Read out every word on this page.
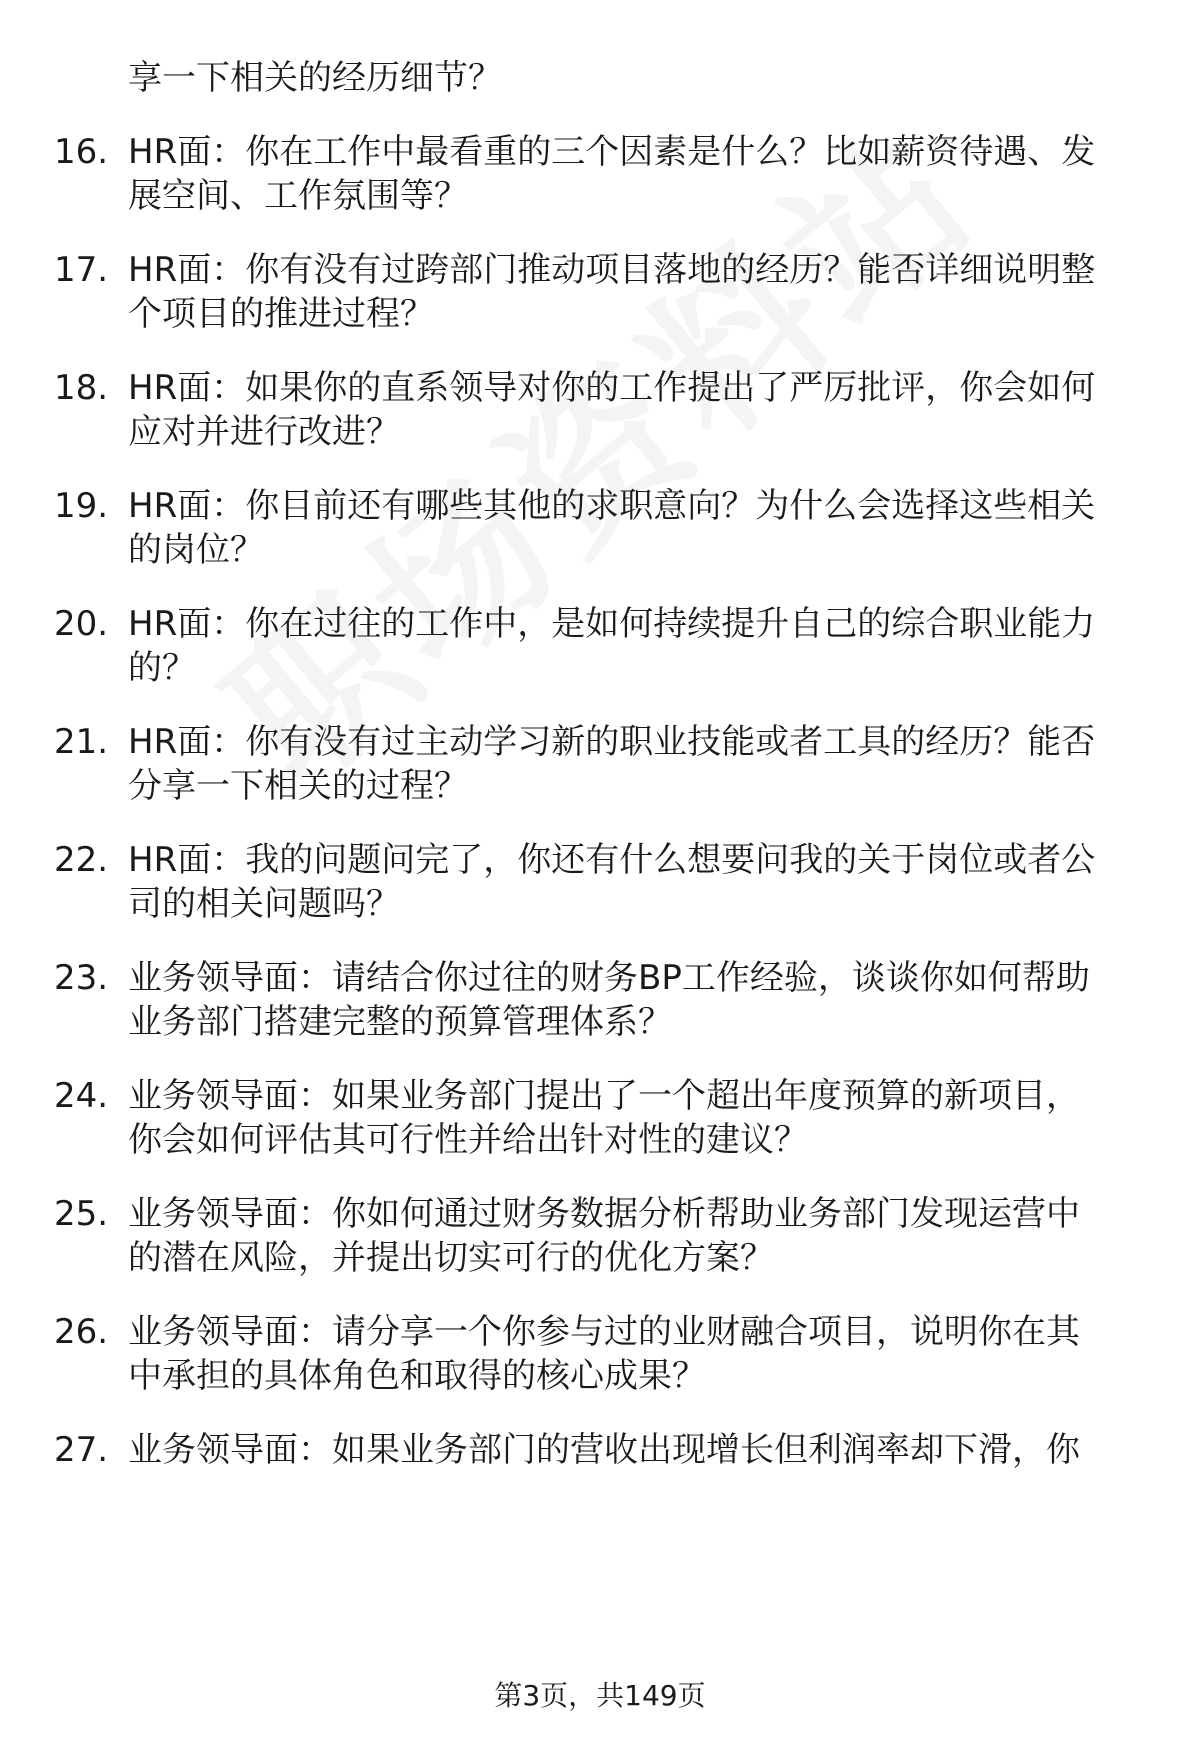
享一下相关的经历细节？
16. HR面：你在工作中最看重的三个因素是什么？比如薪资待遇、发
展空间、工作氛围等？
17. HR面：你有没有过跨部门推动项目落地的经历？能否详细说明整
个项目的推进过程？
18. HR面：如果你的直系领导对你的工作提出了严厉批评，你会如何
应对并进行改进？
19. HR面：你目前还有哪些其他的求职意向？为什么会选择这些相关
的岗位？
20. HR面：你在过往的工作中，是如何持续提升自己的综合职业能力
的？
21. HR面：你有没有过主动学习新的职业技能或者工具的经历？能否
分享一下相关的过程？
22. HR面：我的问题问完了，你还有什么想要问我的关于岗位或者公
司的相关问题吗？
23. 业务领导面：请结合你过往的财务BP工作经验，谈谈你如何帮助
业务部门搭建完整的预算管理体系？
24. 业务领导面：如果业务部门提出了一个超出年度预算的新项目，
你会如何评估其可行性并给出针对性的建议？
25. 业务领导面：你如何通过财务数据分析帮助业务部门发现运营中
的潜在风险，并提出切实可行的优化方案？
26. 业务领导面：请分享一个你参与过的业财融合项目，说明你在其
中承担的具体角色和取得的核心成果？
27. 业务领导面：如果业务部门的营收出现增长但利润率却下滑，你
第3页，共149页
